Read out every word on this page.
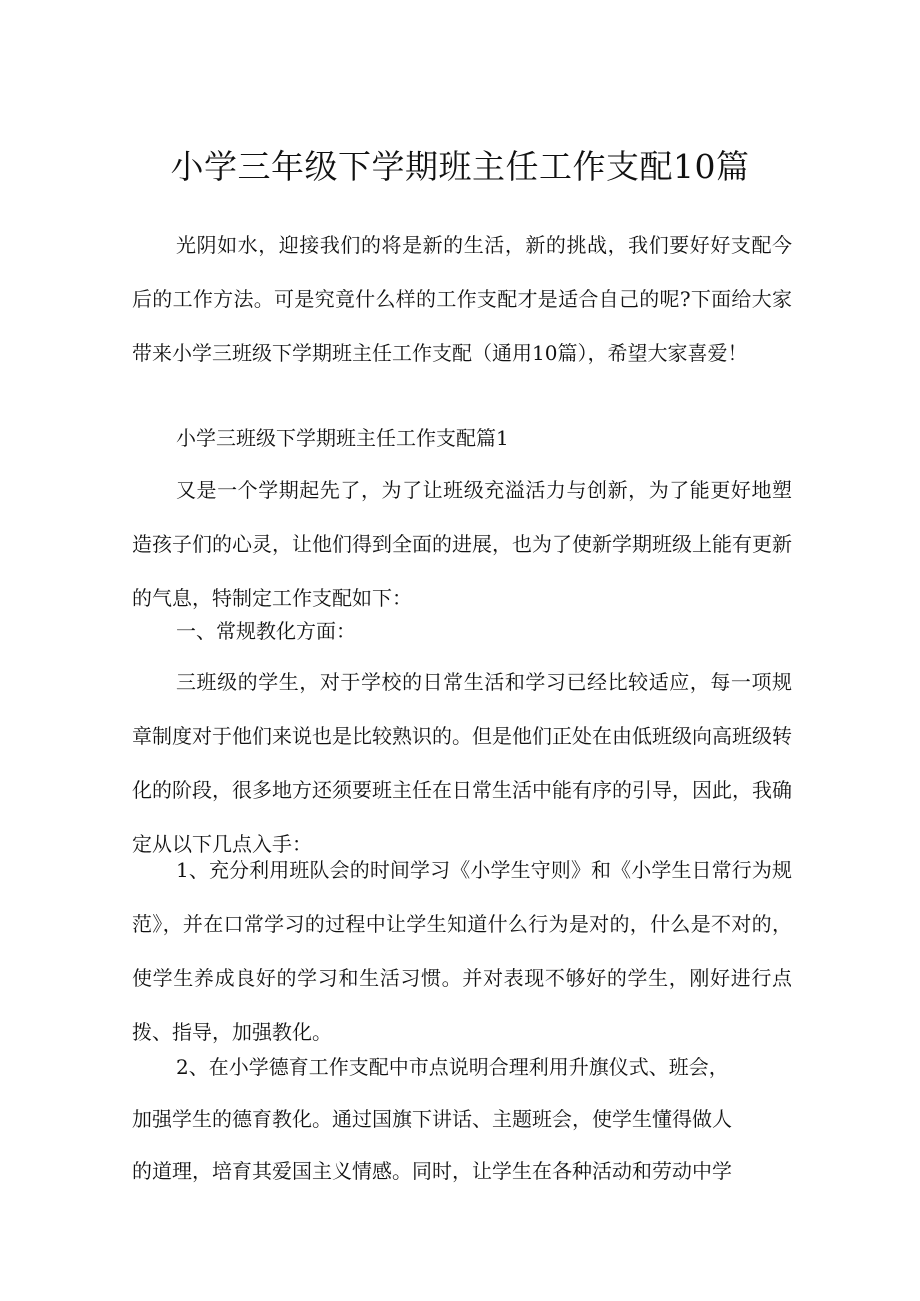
小学三年级下学期班主任工作支配10篇

光阴如水，迎接我们的将是新的生活，新的挑战，我们要好好支配今后的工作方法。可是究竟什么样的工作支配才是适合自己的呢?下面给大家带来小学三班级下学期班主任工作支配（通用10篇），希望大家喜爱！

小学三班级下学期班主任工作支配篇1

又是一个学期起先了，为了让班级充溢活力与创新，为了能更好地塑造孩子们的心灵，让他们得到全面的进展，也为了使新学期班级上能有更新的气息，特制定工作支配如下：

一、常规教化方面：

三班级的学生，对于学校的日常生活和学习已经比较适应，每一项规章制度对于他们来说也是比较熟识的。但是他们正处在由低班级向高班级转化的阶段，很多地方还须要班主任在日常生活中能有序的引导，因此，我确定从以下几点入手：

1、充分利用班队会的时间学习《小学生守则》和《小学生日常行为规范》，并在口常学习的过程中让学生知道什么行为是对的，什么是不对的，使学生养成良好的学习和生活习惯。并对表现不够好的学生，刚好进行点拨、指导，加强教化。

2、在小学德育工作支配中市点说明合理利用升旗仪式、班会，
加强学生的德育教化。通过国旗下讲话、主题班会，使学生懂得做人
的道理，培育其爱国主义情感。同时，让学生在各种活动和劳动中学
